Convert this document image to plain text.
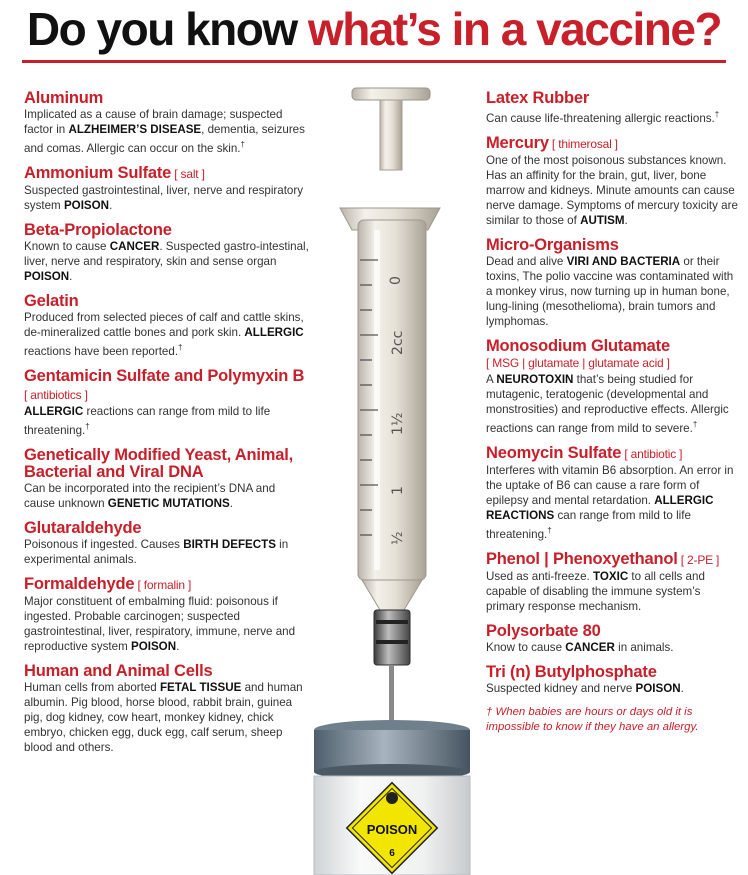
Do you know what’s in a vaccine?
0
2cc
1½
1
½
POISON
6
Aluminum
Implicated as a cause of brain damage; suspected factor in ALZHEIMER’S DISEASE, dementia, seizures and comas. Allergic can occur on the skin.†
Ammonium Sulfate [ salt ]
Suspected gastrointestinal, liver, nerve and respiratory system POISON.
Beta-Propiolactone
Known to cause CANCER. Suspected gastro-intestinal, liver, nerve and respiratory, skin and sense organ POISON.
Gelatin
Produced from selected pieces of calf and cattle skins, de-mineralized cattle bones and pork skin. ALLERGIC reactions have been reported.†
Gentamicin Sulfate and Polymyxin B [ antibiotics ]
ALLERGIC reactions can range from mild to life threatening.†
Genetically Modified Yeast, Animal, Bacterial and Viral DNA
Can be incorporated into the recipient’s DNA and cause unknown GENETIC MUTATIONS.
Glutaraldehyde
Poisonous if ingested. Causes BIRTH DEFECTS in experimental animals.
Formaldehyde [ formalin ]
Major constituent of embalming fluid: poisonous if ingested. Probable carcinogen; suspected gastrointestinal, liver, respiratory, immune, nerve and reproductive system POISON.
Human and Animal Cells
Human cells from aborted FETAL TISSUE and human albumin. Pig blood, horse blood, rabbit brain, guinea pig, dog kidney, cow heart, monkey kidney, chick embryo, chicken egg, duck egg, calf serum, sheep blood and others.
Latex Rubber
Can cause life-threatening allergic reactions.†
Mercury [ thimerosal ]
One of the most poisonous substances known. Has an affinity for the brain, gut, liver, bone marrow and kidneys. Minute amounts can cause nerve damage. Symptoms of mercury toxicity are similar to those of AUTISM.
Micro-Organisms
Dead and alive VIRI AND BACTERIA or their toxins, The polio vaccine was contaminated with a monkey virus, now turning up in human bone, lung-lining (mesothelioma), brain tumors and lymphomas.
Monosodium Glutamate
[ MSG | glutamate | glutamate acid ]
A NEUROTOXIN that’s being studied for mutagenic, teratogenic (developmental and monstrosities) and reproductive effects. Allergic reactions can range from mild to severe.†
Neomycin Sulfate [ antibiotic ]
Interferes with vitamin B6 absorption. An error in the uptake of B6 can cause a rare form of epilepsy and mental retardation. ALLERGIC REACTIONS can range from mild to life threatening.†
Phenol | Phenoxyethanol [ 2-PE ]
Used as anti-freeze. TOXIC to all cells and capable of disabling the immune system’s primary response mechanism.
Polysorbate 80
Know to cause CANCER in animals.
Tri (n) Butylphosphate
Suspected kidney and nerve POISON.
† When babies are hours or days old it is impossible to know if they have an allergy.
